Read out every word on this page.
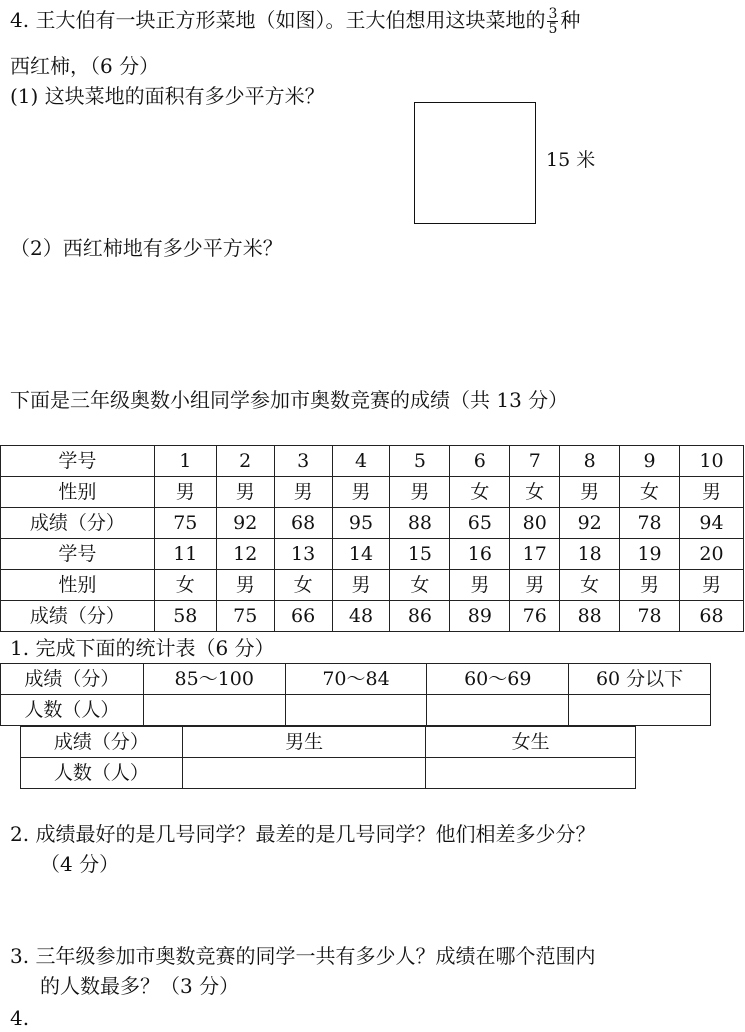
4. 王大伯有一块正方形菜地（如图）。王大伯想用这块菜地的 $\frac{3}{5}$ 种
西红柿，（6 分）
(1) 这块菜地的面积有多少平方米？
15 米
（2）西红柿地有多少平方米？
下面是三年级奥数小组同学参加市奥数竞赛的成绩（共 13 分）
学号	1	2	3	4	5	6	7	8	9	10
性别	男	男	男	男	男	女	女	男	女	男
成绩（分）	75	92	68	95	88	65	80	92	78	94
学号	11	12	13	14	15	16	17	18	19	20
性别	女	男	女	男	女	男	男	女	男	男
成绩（分）	58	75	66	48	86	89	76	88	78	68
1. 完成下面的统计表（6 分）
成绩（分）	85～100	70～84	60～69	60 分以下
人数（人）				
成绩（分）	男生	女生
人数（人）		
2. 成绩最好的是几号同学？最差的是几号同学？他们相差多少分？
（4 分）
3. 三年级参加市奥数竞赛的同学一共有多少人？成绩在哪个范围内
的人数最多？（3 分）
4.
